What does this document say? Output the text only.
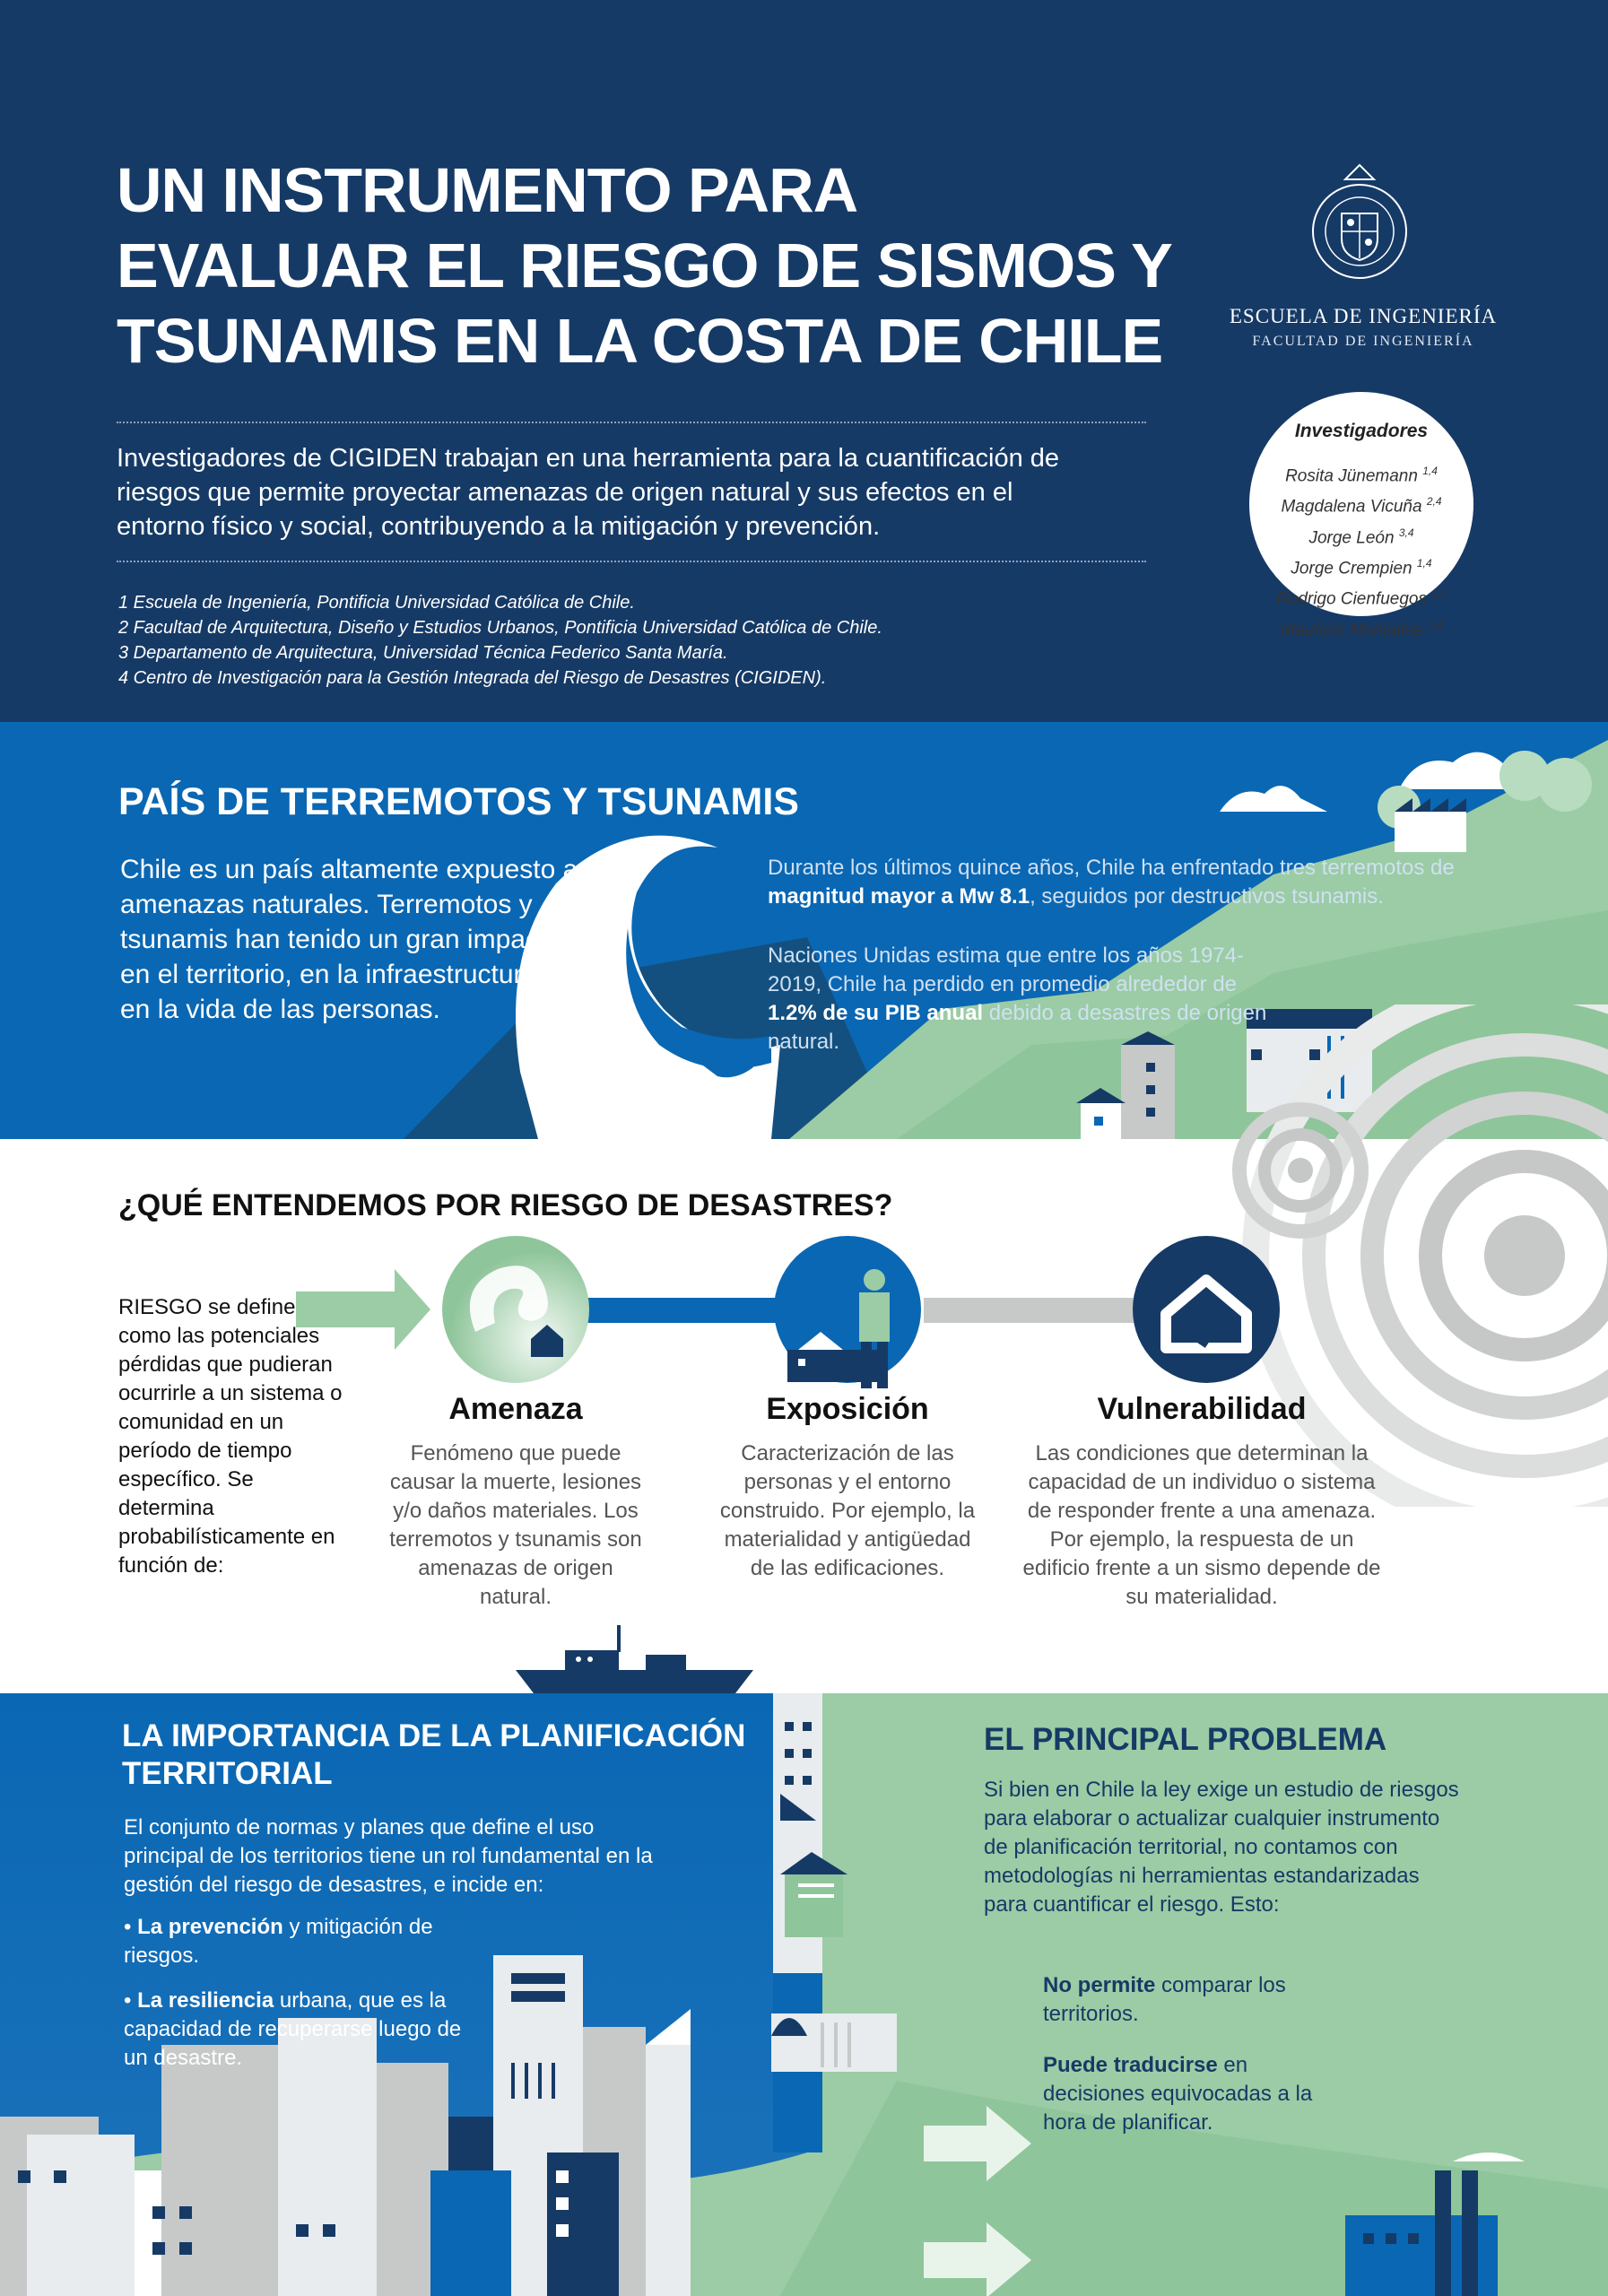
UN INSTRUMENTO PARA
EVALUAR EL RIESGO DE SISMOS Y
TSUNAMIS EN LA COSTA DE CHILE
Investigadores de CIGIDEN trabajan en una herramienta para la cuantificación de riesgos que permite proyectar amenazas de origen natural y sus efectos en el entorno físico y social, contribuyendo a la mitigación y prevención.
1 Escuela de Ingeniería, Pontificia Universidad Católica de Chile.
2 Facultad de Arquitectura, Diseño y Estudios Urbanos, Pontificia Universidad Católica de Chile.
3 Departamento de Arquitectura, Universidad Técnica Federico Santa María.
4 Centro de Investigación para la Gestión Integrada del Riesgo de Desastres (CIGIDEN).
ESCUELA DE INGENIERÍA
FACULTAD DE INGENIERÍA
Investigadores
Rosita Jünemann $^{1,4}$
Magdalena Vicuña $^{2,4}$
Jorge León $^{3,4}$
Jorge Crempien $^{1,4}$
Rodrigo Cienfuegos $^{1,4}$
Mauricio Monsalve $^{1,4}$
PAÍS DE TERREMOTOS Y TSUNAMIS
Chile es un país altamente expuesto a amenazas naturales. Terremotos y tsunamis han tenido un gran impacto en el territorio, en la infraestructura y en la vida de las personas.
Durante los últimos quince años, Chile ha enfrentado tres terremotos de magnitud mayor a Mw 8.1, seguidos por destructivos tsunamis.
Naciones Unidas estima que entre los años 1974-2019, Chile ha perdido en promedio alrededor de 1.2% de su PIB anual debido a desastres de origen natural.
¿QUÉ ENTENDEMOS POR RIESGO DE DESASTRES?
RIESGO se define como las potenciales pérdidas que pudieran ocurrirle a un sistema o comunidad en un período de tiempo específico. Se determina probabilísticamente en función de:
Amenaza	Exposición	Vulnerabilidad
Fenómeno que puede causar la muerte, lesiones y/o daños materiales. Los terremotos y tsunamis son amenazas de origen natural.
Caracterización de las personas y el entorno construido. Por ejemplo, la materialidad y antigüedad de las edificaciones.
Las condiciones que determinan la capacidad de un individuo o sistema de responder frente a una amenaza. Por ejemplo, la respuesta de un edificio frente a un sismo depende de su materialidad.
LA IMPORTANCIA DE LA PLANIFICACIÓN TERRITORIAL
El conjunto de normas y planes que define el uso principal de los territorios tiene un rol fundamental en la gestión del riesgo de desastres, e incide en:
• La prevención y mitigación de riesgos.
• La resiliencia urbana, que es la capacidad de recuperarse luego de un desastre.
EL PRINCIPAL PROBLEMA
Si bien en Chile la ley exige un estudio de riesgos para elaborar o actualizar cualquier instrumento de planificación territorial, no contamos con metodologías ni herramientas estandarizadas para cuantificar el riesgo. Esto:
No permite comparar los territorios.
Puede traducirse en decisiones equivocadas a la hora de planificar.
